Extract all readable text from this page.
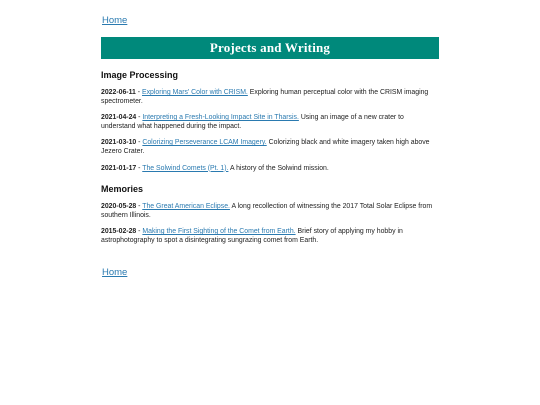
Home
Projects and Writing
Image Processing
2022-06-11 - Exploring Mars' Color with CRISM. Exploring human perceptual color with the CRISM imaging spectrometer.
2021-04-24 - Interpreting a Fresh-Looking Impact Site in Tharsis. Using an image of a new crater to understand what happened during the impact.
2021-03-10 - Colorizing Perseverance LCAM Imagery. Colorizing black and white imagery taken high above Jezero Crater.
2021-01-17 - The Solwind Comets (Pt. 1). A history of the Solwind mission.
Memories
2020-05-28 - The Great American Eclipse. A long recollection of witnessing the 2017 Total Solar Eclipse from southern Illinois.
2015-02-28 - Making the First Sighting of the Comet from Earth. Brief story of applying my hobby in astrophotography to spot a disintegrating sungrazing comet from Earth.
Home
